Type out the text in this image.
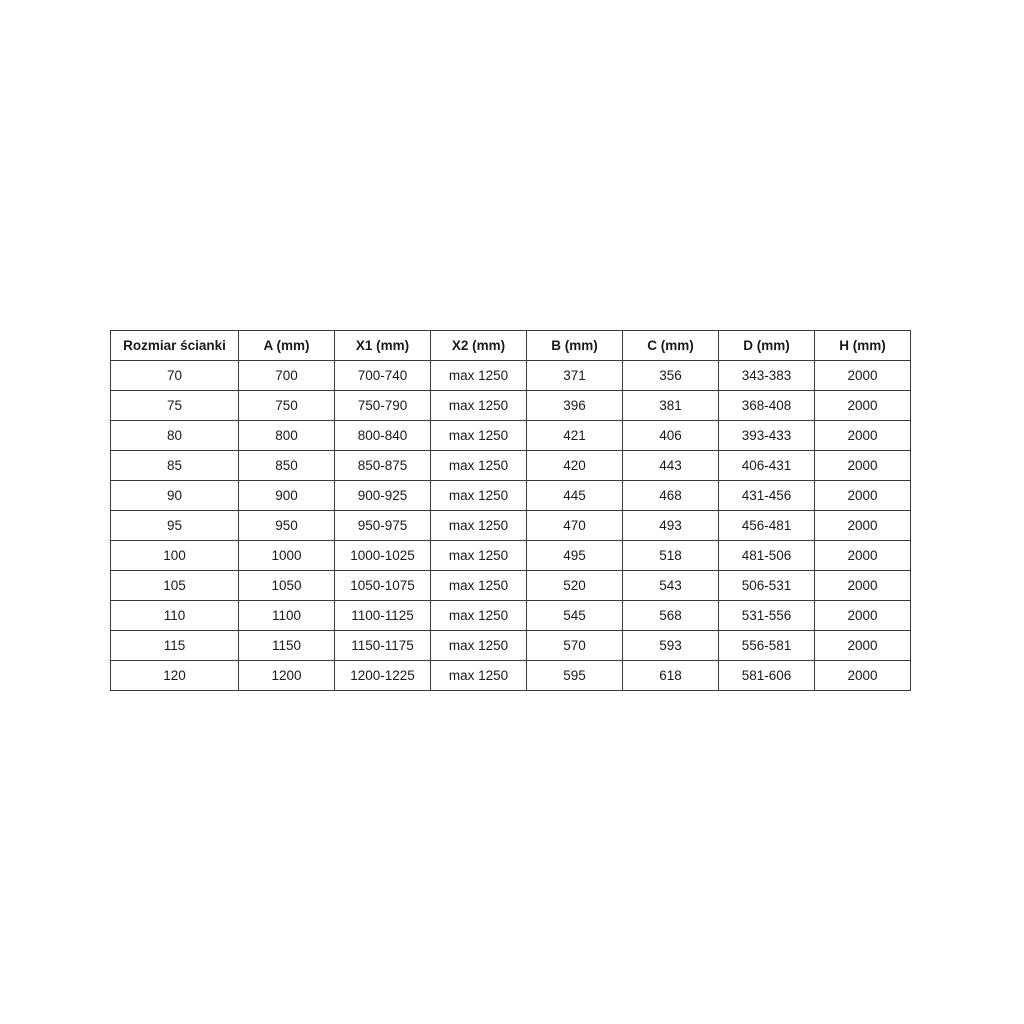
Rozmiar ścianki	A (mm)	X1 (mm)	X2 (mm)	B (mm)	C (mm)	D (mm)	H (mm)
70	700	700-740	max 1250	371	356	343-383	2000
75	750	750-790	max 1250	396	381	368-408	2000
80	800	800-840	max 1250	421	406	393-433	2000
85	850	850-875	max 1250	420	443	406-431	2000
90	900	900-925	max 1250	445	468	431-456	2000
95	950	950-975	max 1250	470	493	456-481	2000
100	1000	1000-1025	max 1250	495	518	481-506	2000
105	1050	1050-1075	max 1250	520	543	506-531	2000
110	1100	1100-1125	max 1250	545	568	531-556	2000
115	1150	1150-1175	max 1250	570	593	556-581	2000
120	1200	1200-1225	max 1250	595	618	581-606	2000
